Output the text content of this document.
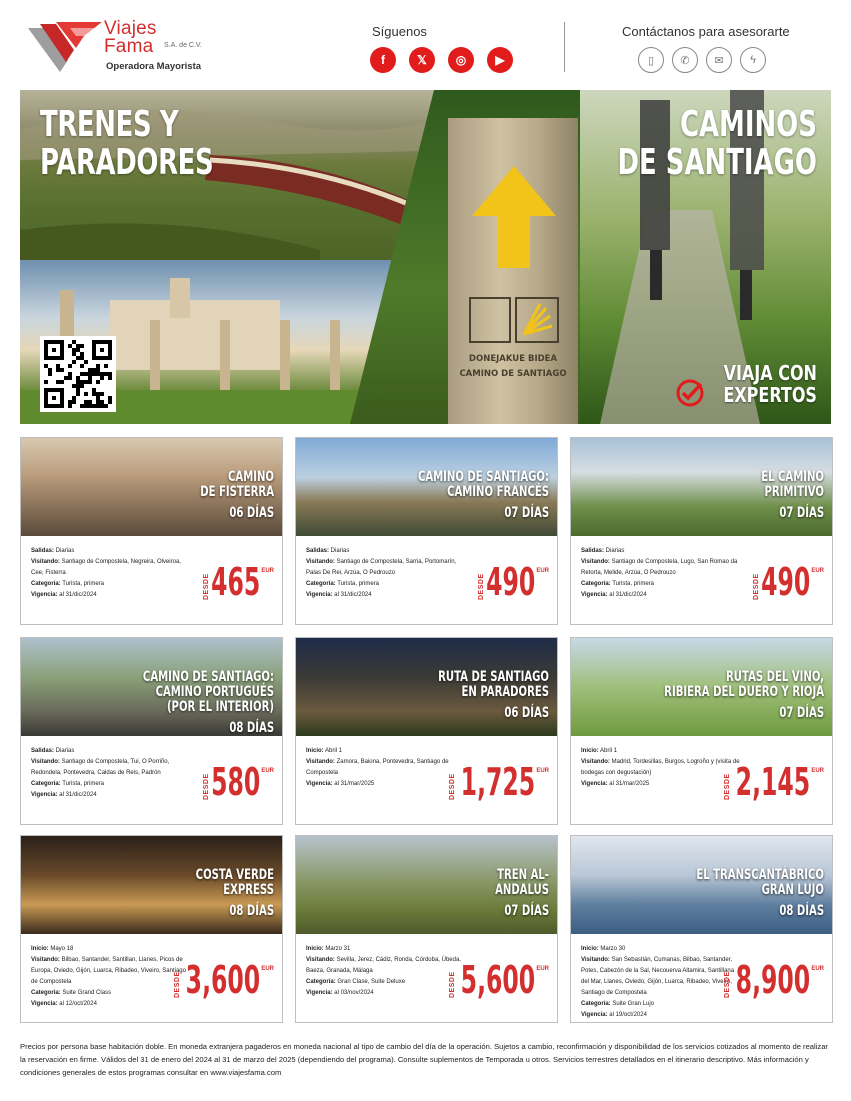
Viajes
Fama	S.A. de C.V.
Operadora Mayorista
Síguenos
f	𝕏	◎	▶
Contáctanos para asesorarte
▯	✆	✉	ϟ
DONEJAKUE BIDEA
CAMINO DE SANTIAGO
TRENES Y
PARADORES
CAMINOS
DE SANTIAGO
VIAJA CON
EXPERTOS
CAMINO
DE FISTERRA
06 DÍAS
Salidas: Diarias
Visitando: Santiago de Compostela, Negreira, Olveiroa, Cee, Fisterra
Categoría: Turista, primera
Vigencia: al 31/dic/2024	DESDE 465 EUR
CAMINO DE SANTIAGO:
CAMINO FRANCÉS
07 DÍAS
Salidas: Diarias
Visitando: Santiago de Compostela, Sarria, Portomarín, Palas De Rei, Arzúa, O Pedrouzo
Categoría: Turista, primera
Vigencia: al 31/dic/2024	DESDE 490 EUR
EL CAMINO
PRIMITIVO
07 DÍAS
Salidas: Diarias
Visitando: Santiago de Compostela, Lugo, San Romao da Retorta, Melide, Arzúa, O Pedrouzo
Categoría: Turista, primera
Vigencia: al 31/dic/2024	DESDE 490 EUR
CAMINO DE SANTIAGO:
CAMINO PORTUGUÉS
(POR EL INTERIOR)
08 DÍAS
Salidas: Diarias
Visitando: Santiago de Compostela, Tui, O Porriño, Redondela, Pontevedra, Caldas de Reis, Padrón
Categoría: Turista, primera
Vigencia: al 31/dic/2024	DESDE 580 EUR
RUTA DE SANTIAGO
EN PARADORES
06 DÍAS
Inicio: Abril 1
Visitando: Zamora, Baiona, Pontevedra, Santiago de Compostela
Vigencia: al 31/mar/2025	DESDE 1,725 EUR
RUTAS DEL VINO,
RIBIERA DEL DUERO Y RIOJA
07 DÍAS
Inicio: Abril 1
Visitando: Madrid, Tordesillas, Burgos, Logroño y (visita de bodegas con degustación)
Vigencia: al 31/mar/2025	DESDE 2,145 EUR
COSTA VERDE
EXPRESS
08 DÍAS
Inicio: Mayo 18
Visitando: Bilbao, Santander, Santillan, Llanes, Picos de Europa, Oviedo, Gijón, Luarca, Ribadeo, Viveiro, Santiago de Compostela
Categoría: Suite Grand Class
Vigencia: al 12/oct/2024
DESDE 3,600 EUR
TREN AL-
ANDALUS
07 DÍAS
Inicio: Marzo 31
Visitando: Sevilla, Jerez, Cádiz, Ronda, Córdoba, Úbeda, Baeza, Granada, Málaga
Categoría: Gran Clase, Suite Deluxe
Vigencia: al 03/nov/2024	DESDE 5,600 EUR
EL TRANSCANTÁBRICO
GRAN LUJO
08 DÍAS
Inicio: Marzo 30
Visitando: San Sebastián, Cumanas, Bilbao, Santander, Potes, Cabezón de la Sal, Necouerva Altamira, Santillana del Mar, Llanes, Oviedo, Gijón, Luarca, Ribadeo, Viveiro, Santiago de Compostela
Categoría: Suite Gran Lujo
Vigencia: al 19/oct/2024
DESDE 8,900 EUR
Precios por persona base habitación doble. En moneda extranjera pagaderos en moneda nacional al tipo de cambio del día de la operación. Sujetos a cambio, reconfirmación y disponibilidad de los servicios cotizados al momento de realizar la reservación en firme. Válidos del 31 de enero del 2024 al 31 de marzo del 2025 (dependiendo del programa). Consulte suplementos de Temporada u otros. Servicios terrestres detallados en el itinerario descriptivo. Más información y condiciones generales de estos programas consultar en www.viajesfama.com
